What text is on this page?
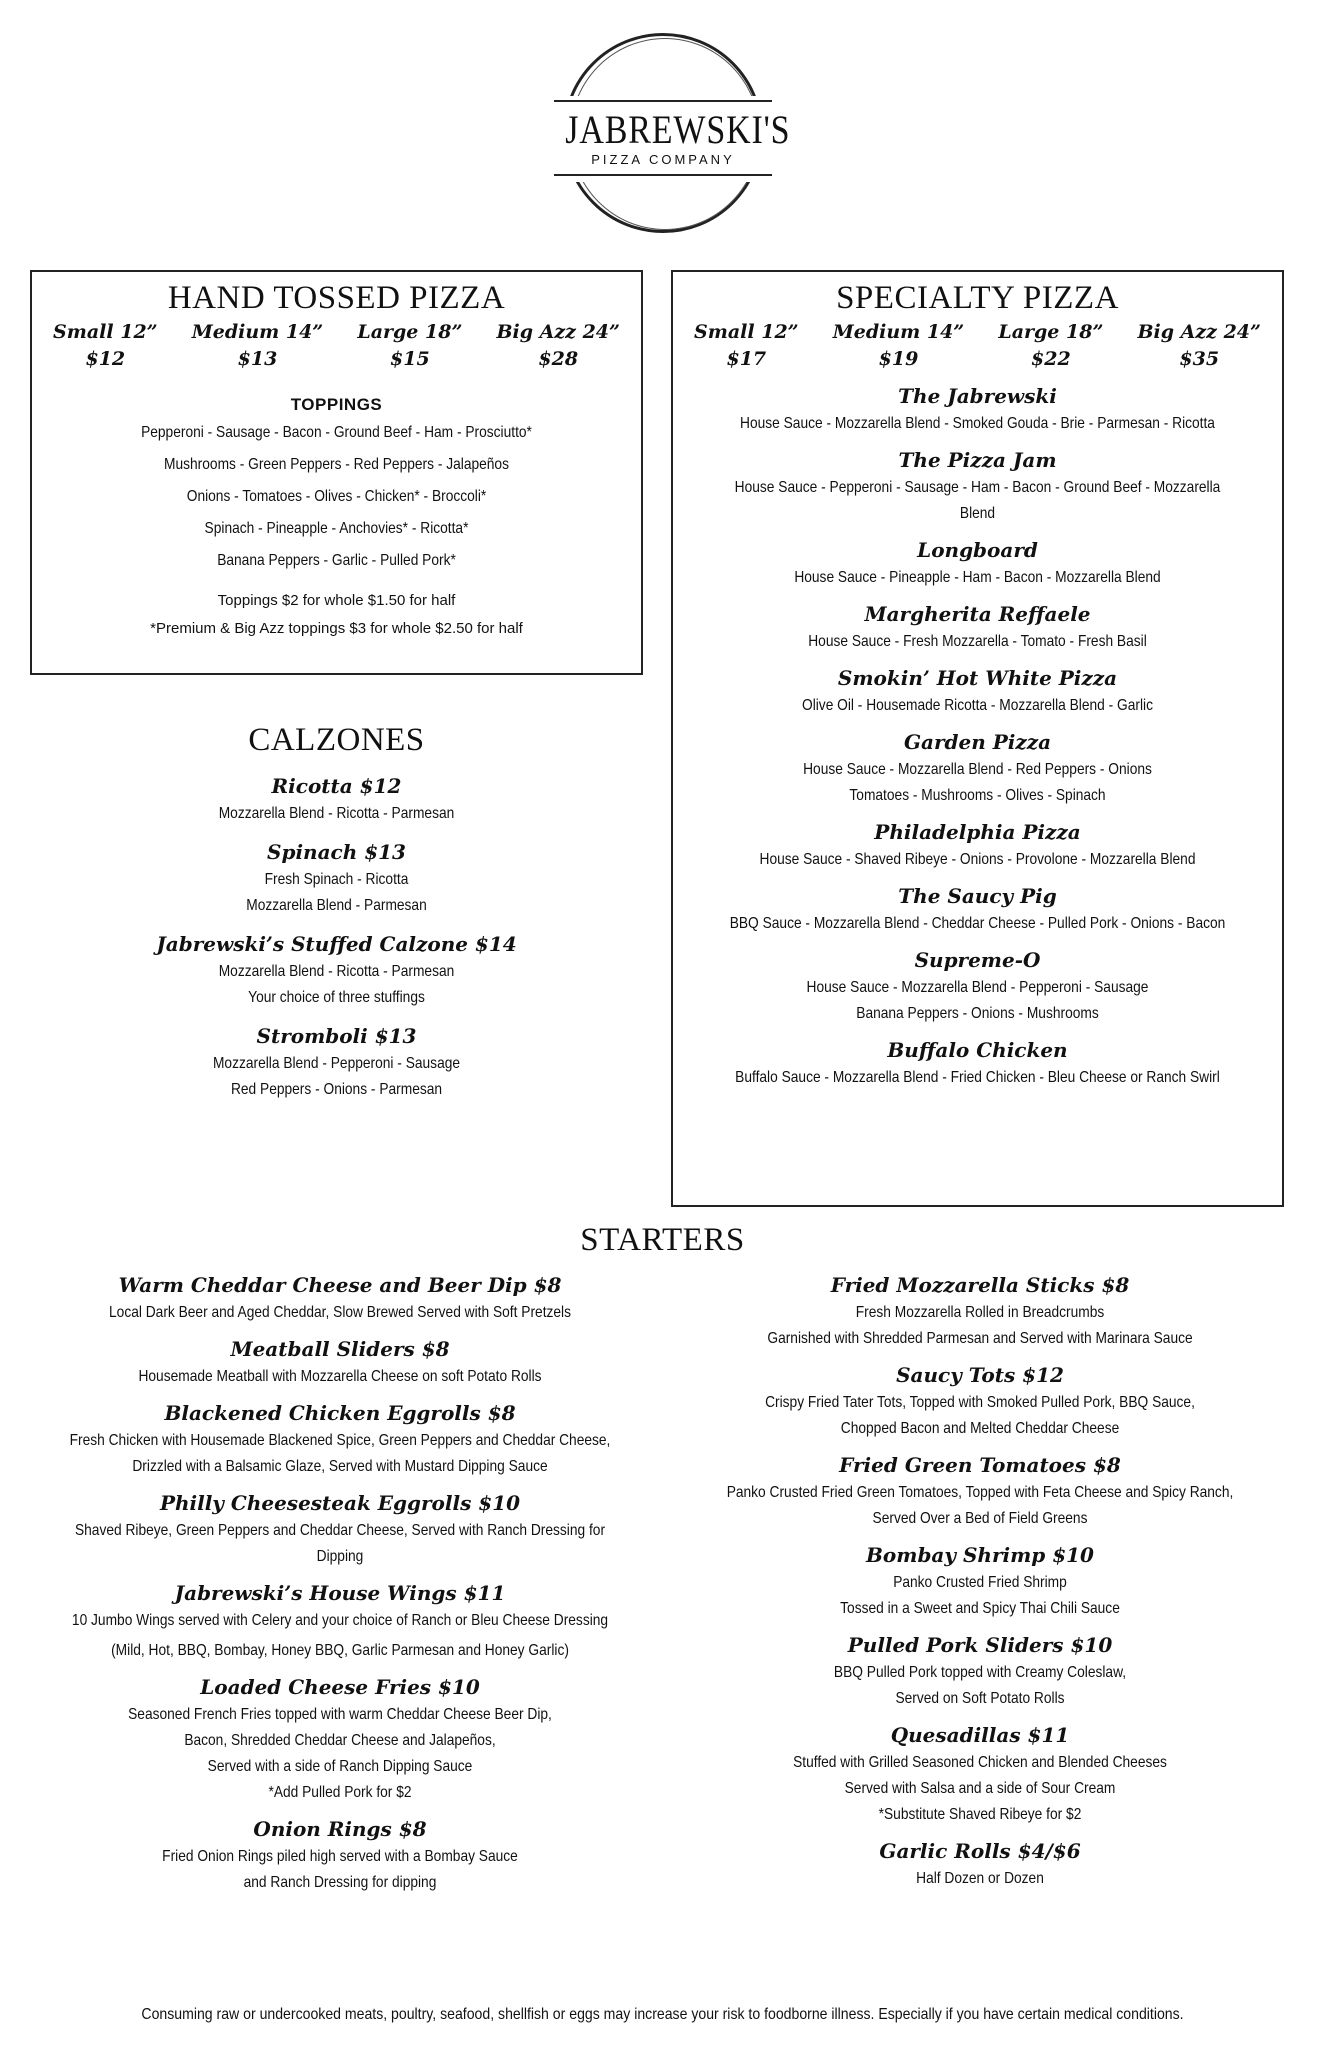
JABREWSKI'S
PIZZA COMPANY
HAND TOSSED PIZZA
Small 12”
$12
Medium 14”
$13
Large 18”
$15
Big Azz 24”
$28
TOPPINGS
Pepperoni - Sausage - Bacon - Ground Beef - Ham - Prosciutto*
Mushrooms - Green Peppers - Red Peppers - Jalapeños
Onions - Tomatoes - Olives - Chicken* - Broccoli*
Spinach - Pineapple - Anchovies* - Ricotta*
Banana Peppers - Garlic - Pulled Pork*
Toppings $2 for whole $1.50 for half
*Premium & Big Azz toppings $3 for whole $2.50 for half
SPECIALTY PIZZA
Small 12”
$17
Medium 14”
$19
Large 18”
$22
Big Azz 24”
$35
The Jabrewski
House Sauce - Mozzarella Blend - Smoked Gouda - Brie - Parmesan - Ricotta
The Pizza Jam
House Sauce - Pepperoni - Sausage - Ham - Bacon - Ground Beef - Mozzarella Blend
Longboard
House Sauce - Pineapple - Ham - Bacon - Mozzarella Blend
Margherita Reffaele
House Sauce - Fresh Mozzarella - Tomato - Fresh Basil
Smokin’ Hot White Pizza
Olive Oil - Housemade Ricotta - Mozzarella Blend - Garlic
Garden Pizza
House Sauce - Mozzarella Blend - Red Peppers - Onions
Tomatoes - Mushrooms - Olives - Spinach
Philadelphia Pizza
House Sauce - Shaved Ribeye - Onions - Provolone - Mozzarella Blend
The Saucy Pig
BBQ Sauce - Mozzarella Blend - Cheddar Cheese - Pulled Pork - Onions - Bacon
Supreme-O
House Sauce - Mozzarella Blend - Pepperoni - Sausage
Banana Peppers - Onions - Mushrooms
Buffalo Chicken
Buffalo Sauce - Mozzarella Blend - Fried Chicken - Bleu Cheese or Ranch Swirl
CALZONES
Ricotta $12
Mozzarella Blend - Ricotta - Parmesan
Spinach $13
Fresh Spinach - Ricotta
Mozzarella Blend - Parmesan
Jabrewski’s Stuffed Calzone $14
Mozzarella Blend - Ricotta - Parmesan
Your choice of three stuffings
Stromboli $13
Mozzarella Blend - Pepperoni - Sausage
Red Peppers - Onions - Parmesan
STARTERS
Warm Cheddar Cheese and Beer Dip $8
Local Dark Beer and Aged Cheddar, Slow Brewed Served with Soft Pretzels
Meatball Sliders $8
Housemade Meatball with Mozzarella Cheese on soft Potato Rolls
Blackened Chicken Eggrolls $8
Fresh Chicken with Housemade Blackened Spice, Green Peppers and Cheddar Cheese,
Drizzled with a Balsamic Glaze, Served with Mustard Dipping Sauce
Philly Cheesesteak Eggrolls $10
Shaved Ribeye, Green Peppers and Cheddar Cheese, Served with Ranch Dressing for Dipping
Jabrewski’s House Wings $11
10 Jumbo Wings served with Celery and your choice of Ranch or Bleu Cheese Dressing
(Mild, Hot, BBQ, Bombay, Honey BBQ, Garlic Parmesan and Honey Garlic)
Loaded Cheese Fries $10
Seasoned French Fries topped with warm Cheddar Cheese Beer Dip,
Bacon, Shredded Cheddar Cheese and Jalapeños,
Served with a side of Ranch Dipping Sauce
*Add Pulled Pork for $2
Onion Rings $8
Fried Onion Rings piled high served with a Bombay Sauce
and Ranch Dressing for dipping
Fried Mozzarella Sticks $8
Fresh Mozzarella Rolled in Breadcrumbs
Garnished with Shredded Parmesan and Served with Marinara Sauce
Saucy Tots $12
Crispy Fried Tater Tots, Topped with Smoked Pulled Pork, BBQ Sauce,
Chopped Bacon and Melted Cheddar Cheese
Fried Green Tomatoes $8
Panko Crusted Fried Green Tomatoes, Topped with Feta Cheese and Spicy Ranch,
Served Over a Bed of Field Greens
Bombay Shrimp $10
Panko Crusted Fried Shrimp
Tossed in a Sweet and Spicy Thai Chili Sauce
Pulled Pork Sliders $10
BBQ Pulled Pork topped with Creamy Coleslaw,
Served on Soft Potato Rolls
Quesadillas $11
Stuffed with Grilled Seasoned Chicken and Blended Cheeses
Served with Salsa and a side of Sour Cream
*Substitute Shaved Ribeye for $2
Garlic Rolls $4/$6
Half Dozen or Dozen
Consuming raw or undercooked meats, poultry, seafood, shellfish or eggs may increase your risk to foodborne illness. Especially if you have certain medical conditions.
